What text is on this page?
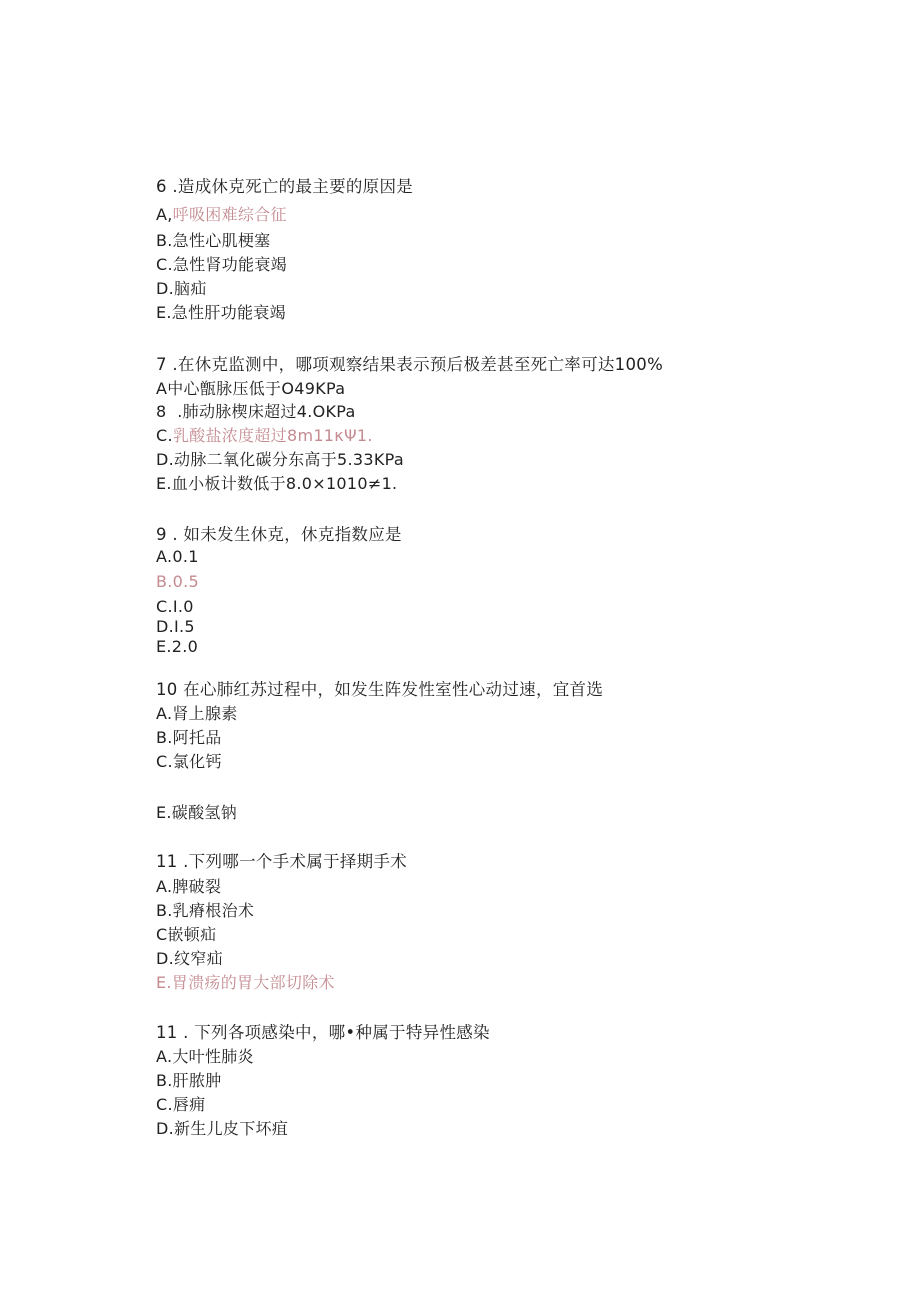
6 .造成休克死亡的最主要的原因是
A,呼吸困难综合征
B.急性心肌梗塞
C.急性肾功能衰竭
D.脑疝
E.急性肝功能衰竭
7 .在休克监测中，哪项观察结果表示预后极差甚至死亡率可达100%
A中心甑脉压低于O49KPa
8  .肺动脉楔床超过4.OKPa
C.乳酸盐浓度超过8m11κΨ1.
D.动脉二氧化碳分东高于5.33KPa
E.血小板计数低于8.0×1010≠1.
9 . 如未发生休克，休克指数应是
A.0.1
B.0.5
C.I.0
D.I.5
E.2.0
10 在心肺红苏过程中，如发生阵发性室性心动过速，宜首选
A.肾上腺素
B.阿托品
C.氯化钙
E.碳酸氢钠
11 .下列哪一个手术属于择期手术
A.脾破裂
B.乳瘠根治术
C嵌顿疝
D.纹窄疝
E.胃溃疡的胃大部切除术
11 . 下列各项感染中，哪•种属于特异性感染
A.大叶性肺炎
B.肝脓肿
C.唇痈
D.新生儿皮下坏疽
